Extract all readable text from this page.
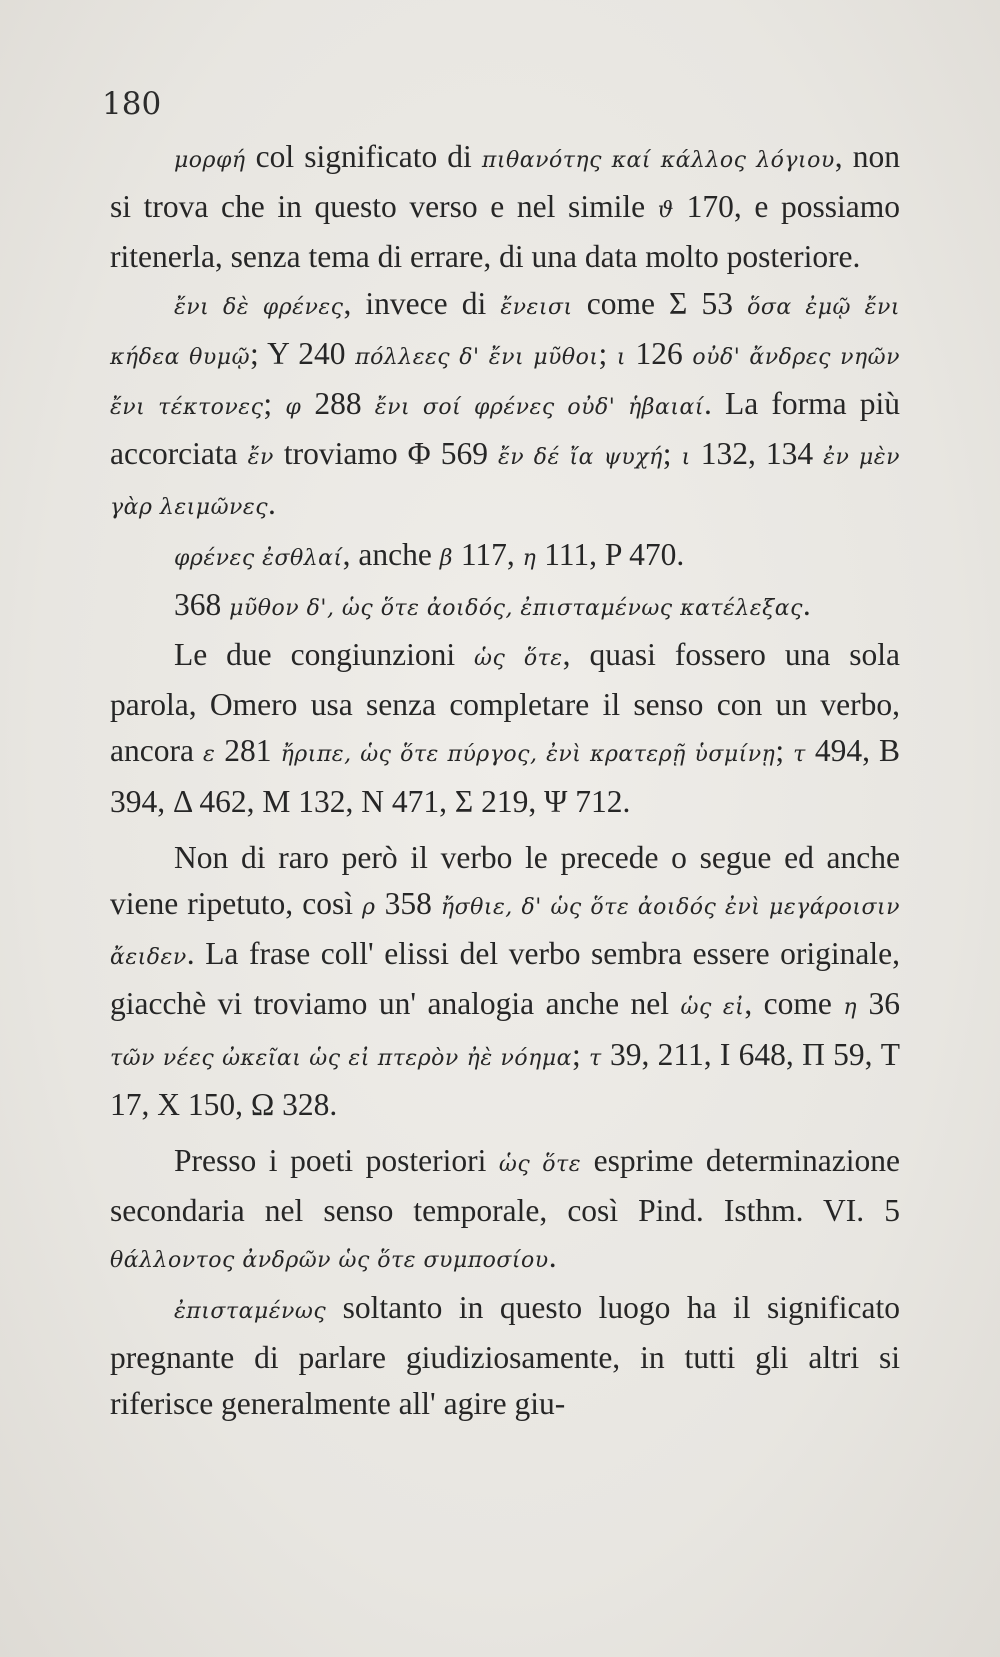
180

μορφή col significato di πιθανότης καί κάλλος λόγιου, non si trova che in questo verso e nel simile ϑ 170, e possiamo ritenerla, senza tema di errare, di una data molto posteriore.

ἔνι δὲ φρένες, invece di ἔνεισι come Σ 53 ὅσα ἐμῷ ἔνι κήδεα θυμῷ; Υ 240 πόλλεες δ' ἔνι μῦθοι; ι 126 οὐδ' ἄνδρες νηῶν ἔνι τέκτονες; φ 288 ἔνι σοί φρένες οὐδ' ἡβαιαί. La forma più accorciata ἔν troviamo Φ 569 ἔν δέ ἴα ψυχή; ι 132, 134 ἐν μὲν γὰρ λειμῶνες.

φρένες ἐσθλαί, anche β 117, η 111, P 470.

368 μῦθον δ', ὡς ὅτε ἀοιδός, ἐπισταμένως κατέλεξας.

Le due congiunzioni ὡς ὅτε, quasi fossero una sola parola, Omero usa senza completare il senso con un verbo, ancora ε 281 ἤριπε, ὡς ὅτε πύργος, ἐνὶ κρατερῇ ὑσμίνῃ; τ 494, B 394, Δ 462, M 132, N 471, Σ 219, Ψ 712.

Non di raro però il verbo le precede o segue ed anche viene ripetuto, così ρ 358 ἤσθιε, δ' ὡς ὅτε ἀοιδός ἐνὶ μεγάροισιν ἄειδεν. La frase coll' elissi del verbo sembra essere originale, giacchè vi troviamo un' analogia anche nel ὡς εἰ, come η 36 τῶν νέες ὠκεῖαι ὡς εἰ πτερὸν ἠὲ νόημα; τ 39, 211, I 648, Π 59, T 17, X 150, Ω 328.

Presso i poeti posteriori ὡς ὅτε esprime determinazione secondaria nel senso temporale, così Pind. Isthm. VI. 5 θάλλοντος ἀνδρῶν ὡς ὅτε συμποσίου.

ἐπισταμένως soltanto in questo luogo ha il significato pregnante di parlare giudiziosamente, in tutti gli altri si riferisce generalmente all' agire giu-
